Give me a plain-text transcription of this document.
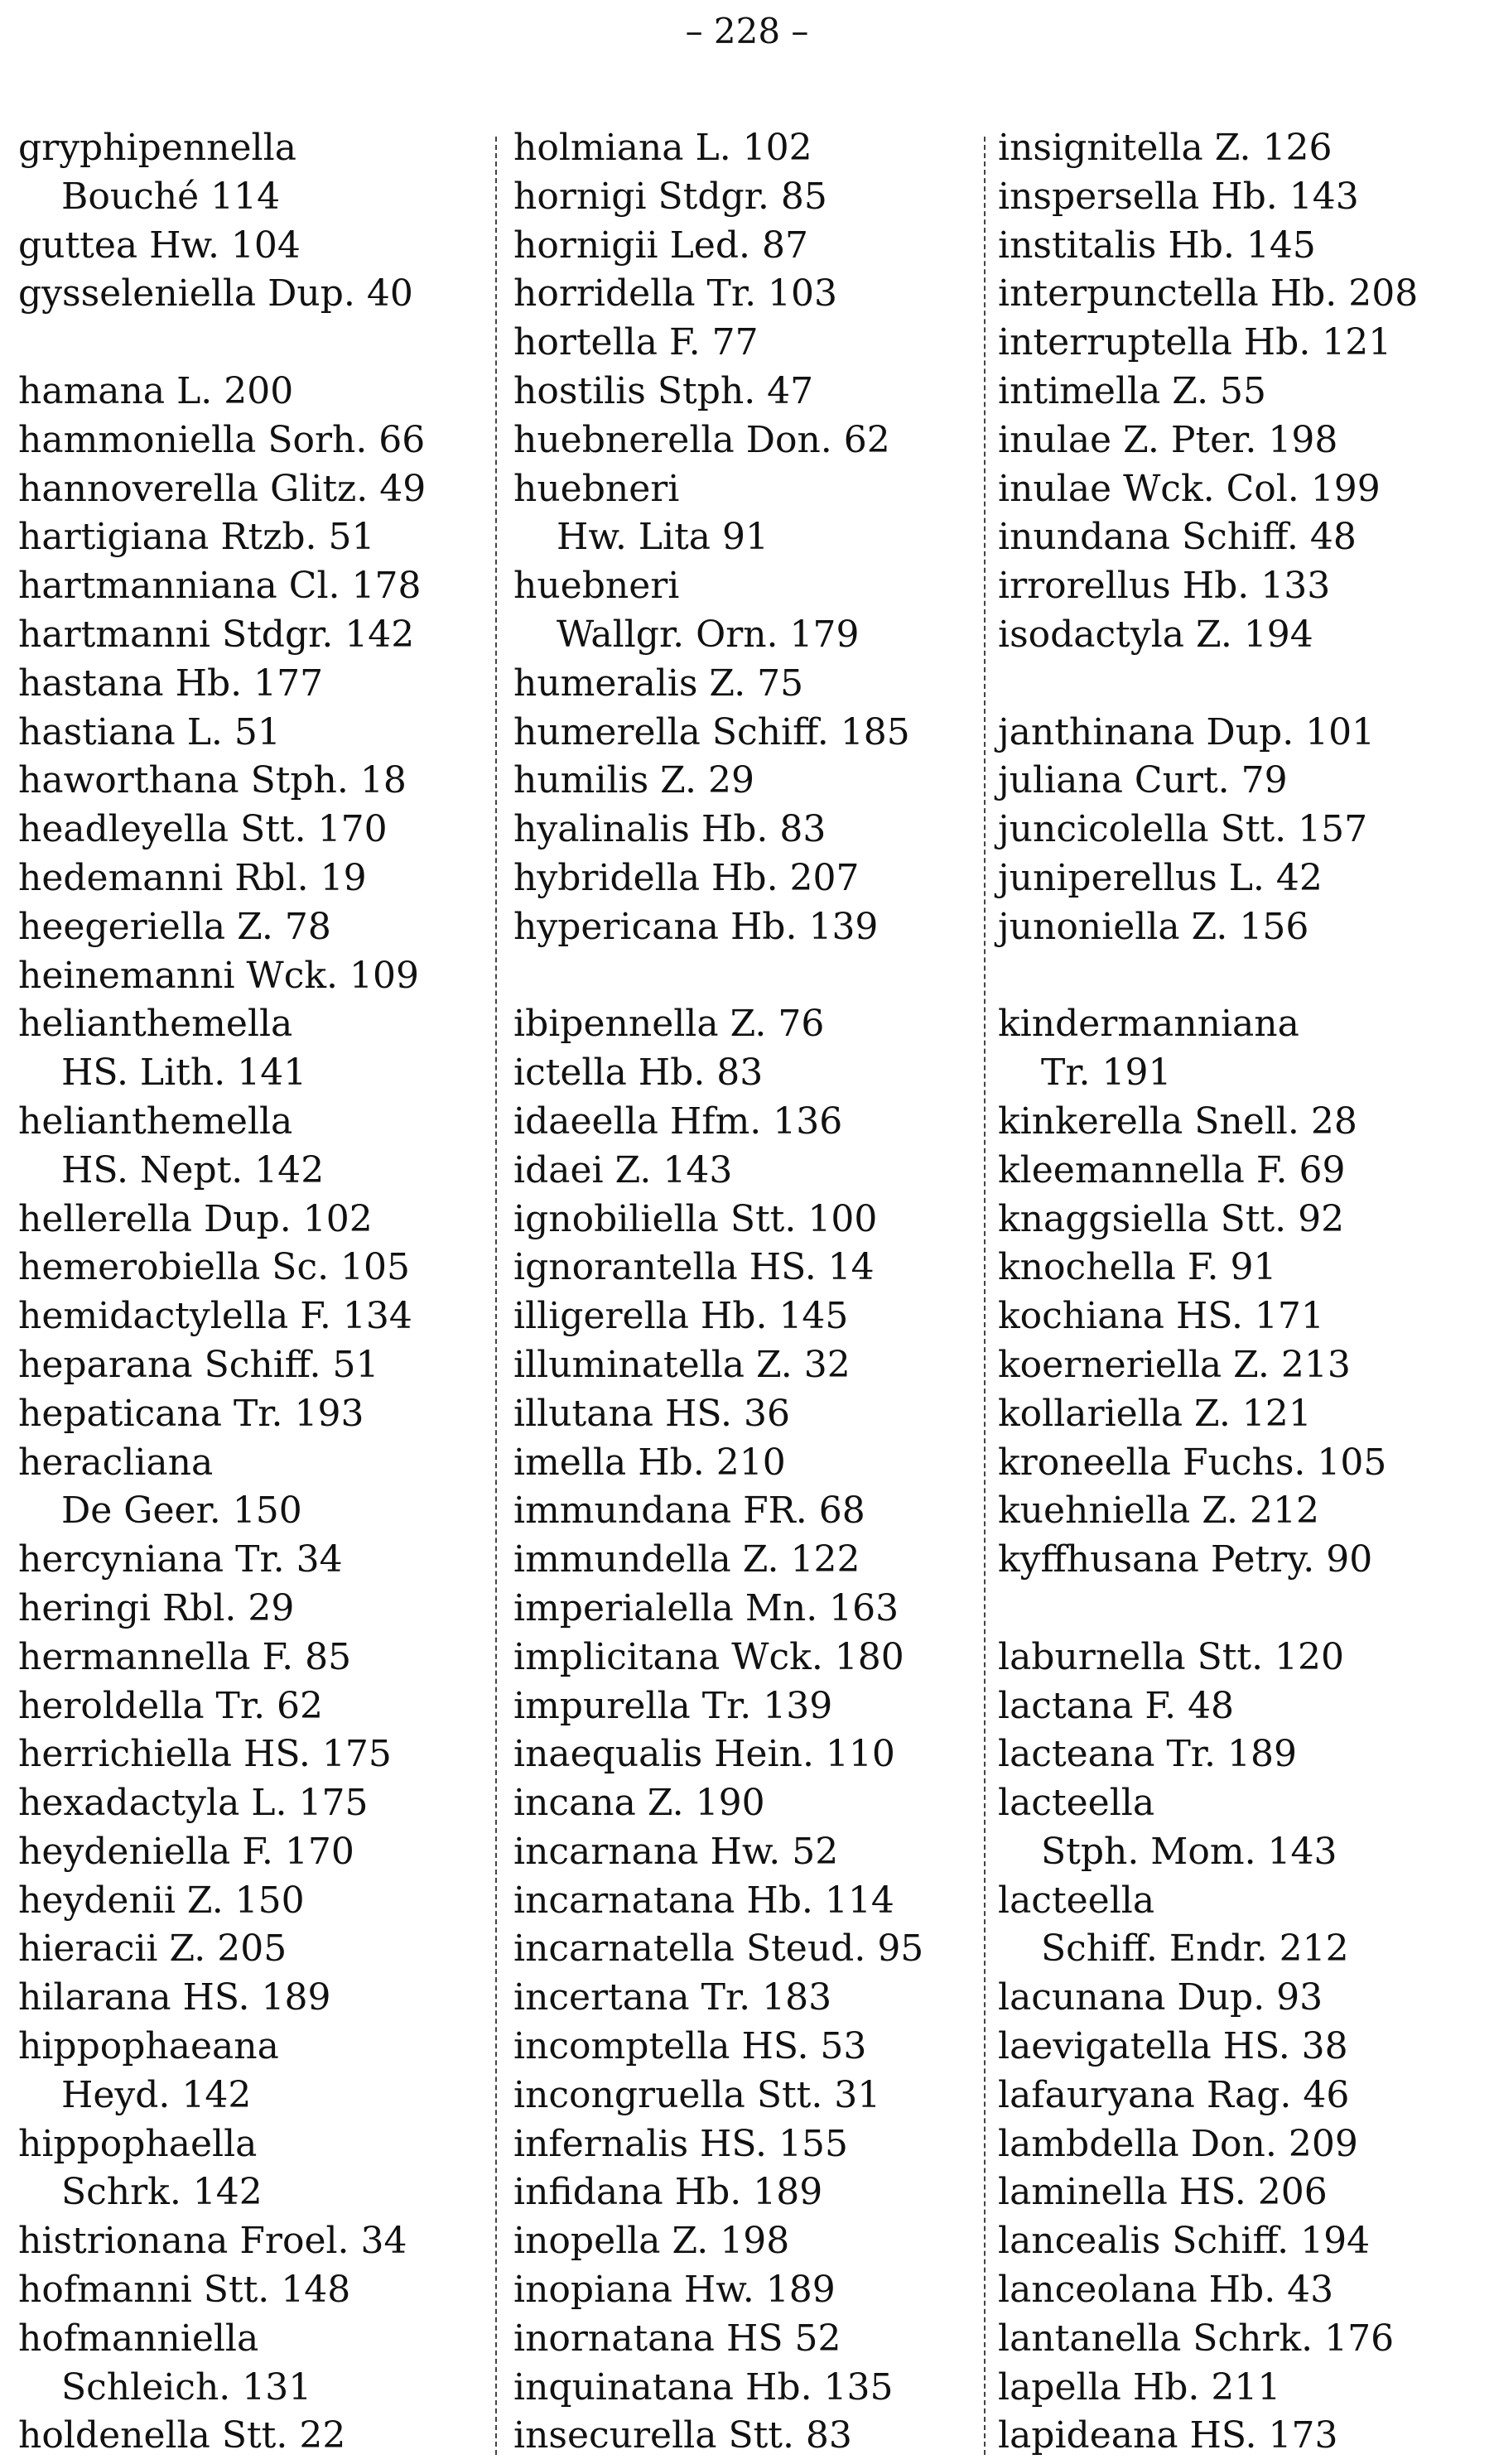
– 228 –
gryphipennella
Bouché 114
guttea Hw. 104
gysseleniella Dup. 40
hamana L. 200
hammoniella Sorh. 66
hannoverella Glitz. 49
hartigiana Rtzb. 51
hartmanniana Cl. 178
hartmanni Stdgr. 142
hastana Hb. 177
hastiana L. 51
haworthana Stph. 18
headleyella Stt. 170
hedemanni Rbl. 19
heegeriella Z. 78
heinemanni Wck. 109
helianthemella
HS. Lith. 141
helianthemella
HS. Nept. 142
hellerella Dup. 102
hemerobiella Sc. 105
hemidactylella F. 134
heparana Schiff. 51
hepaticana Tr. 193
heracliana
De Geer. 150
hercyniana Tr. 34
heringi Rbl. 29
hermannella F. 85
heroldella Tr. 62
herrichiella HS. 175
hexadactyla L. 175
heydeniella F. 170
heydenii Z. 150
hieracii Z. 205
hilarana HS. 189
hippophaeana
Heyd. 142
hippophaella
Schrk. 142
histrionana Froel. 34
hofmanni Stt. 148
hofmanniella
Schleich. 131
holdenella Stt. 22
holmiana L. 102
hornigi Stdgr. 85
hornigii Led. 87
horridella Tr. 103
hortella F. 77
hostilis Stph. 47
huebnerella Don. 62
huebneri
Hw. Lita 91
huebneri
Wallgr. Orn. 179
humeralis Z. 75
humerella Schiff. 185
humilis Z. 29
hyalinalis Hb. 83
hybridella Hb. 207
hypericana Hb. 139
ibipennella Z. 76
ictella Hb. 83
idaeella Hfm. 136
idaei Z. 143
ignobiliella Stt. 100
ignorantella HS. 14
illigerella Hb. 145
illuminatella Z. 32
illutana HS. 36
imella Hb. 210
immundana FR. 68
immundella Z. 122
imperialella Mn. 163
implicitana Wck. 180
impurella Tr. 139
inaequalis Hein. 110
incana Z. 190
incarnana Hw. 52
incarnatana Hb. 114
incarnatella Steud. 95
incertana Tr. 183
incomptella HS. 53
incongruella Stt. 31
infernalis HS. 155
infidana Hb. 189
inopella Z. 198
inopiana Hw. 189
inornatana HS 52
inquinatana Hb. 135
insecurella Stt. 83
insignitella Z. 126
inspersella Hb. 143
institalis Hb. 145
interpunctella Hb. 208
interruptella Hb. 121
intimella Z. 55
inulae Z. Pter. 198
inulae Wck. Col. 199
inundana Schiff. 48
irrorellus Hb. 133
isodactyla Z. 194
janthinana Dup. 101
juliana Curt. 79
juncicolella Stt. 157
juniperellus L. 42
junoniella Z. 156
kindermanniana
Tr. 191
kinkerella Snell. 28
kleemannella F. 69
knaggsiella Stt. 92
knochella F. 91
kochiana HS. 171
koerneriella Z. 213
kollariella Z. 121
kroneella Fuchs. 105
kuehniella Z. 212
kyffhusana Petry. 90
laburnella Stt. 120
lactana F. 48
lacteana Tr. 189
lacteella
Stph. Mom. 143
lacteella
Schiff. Endr. 212
lacunana Dup. 93
laevigatella HS. 38
lafauryana Rag. 46
lambdella Don. 209
laminella HS. 206
lancealis Schiff. 194
lanceolana Hb. 43
lantanella Schrk. 176
lapella Hb. 211
lapideana HS. 173
